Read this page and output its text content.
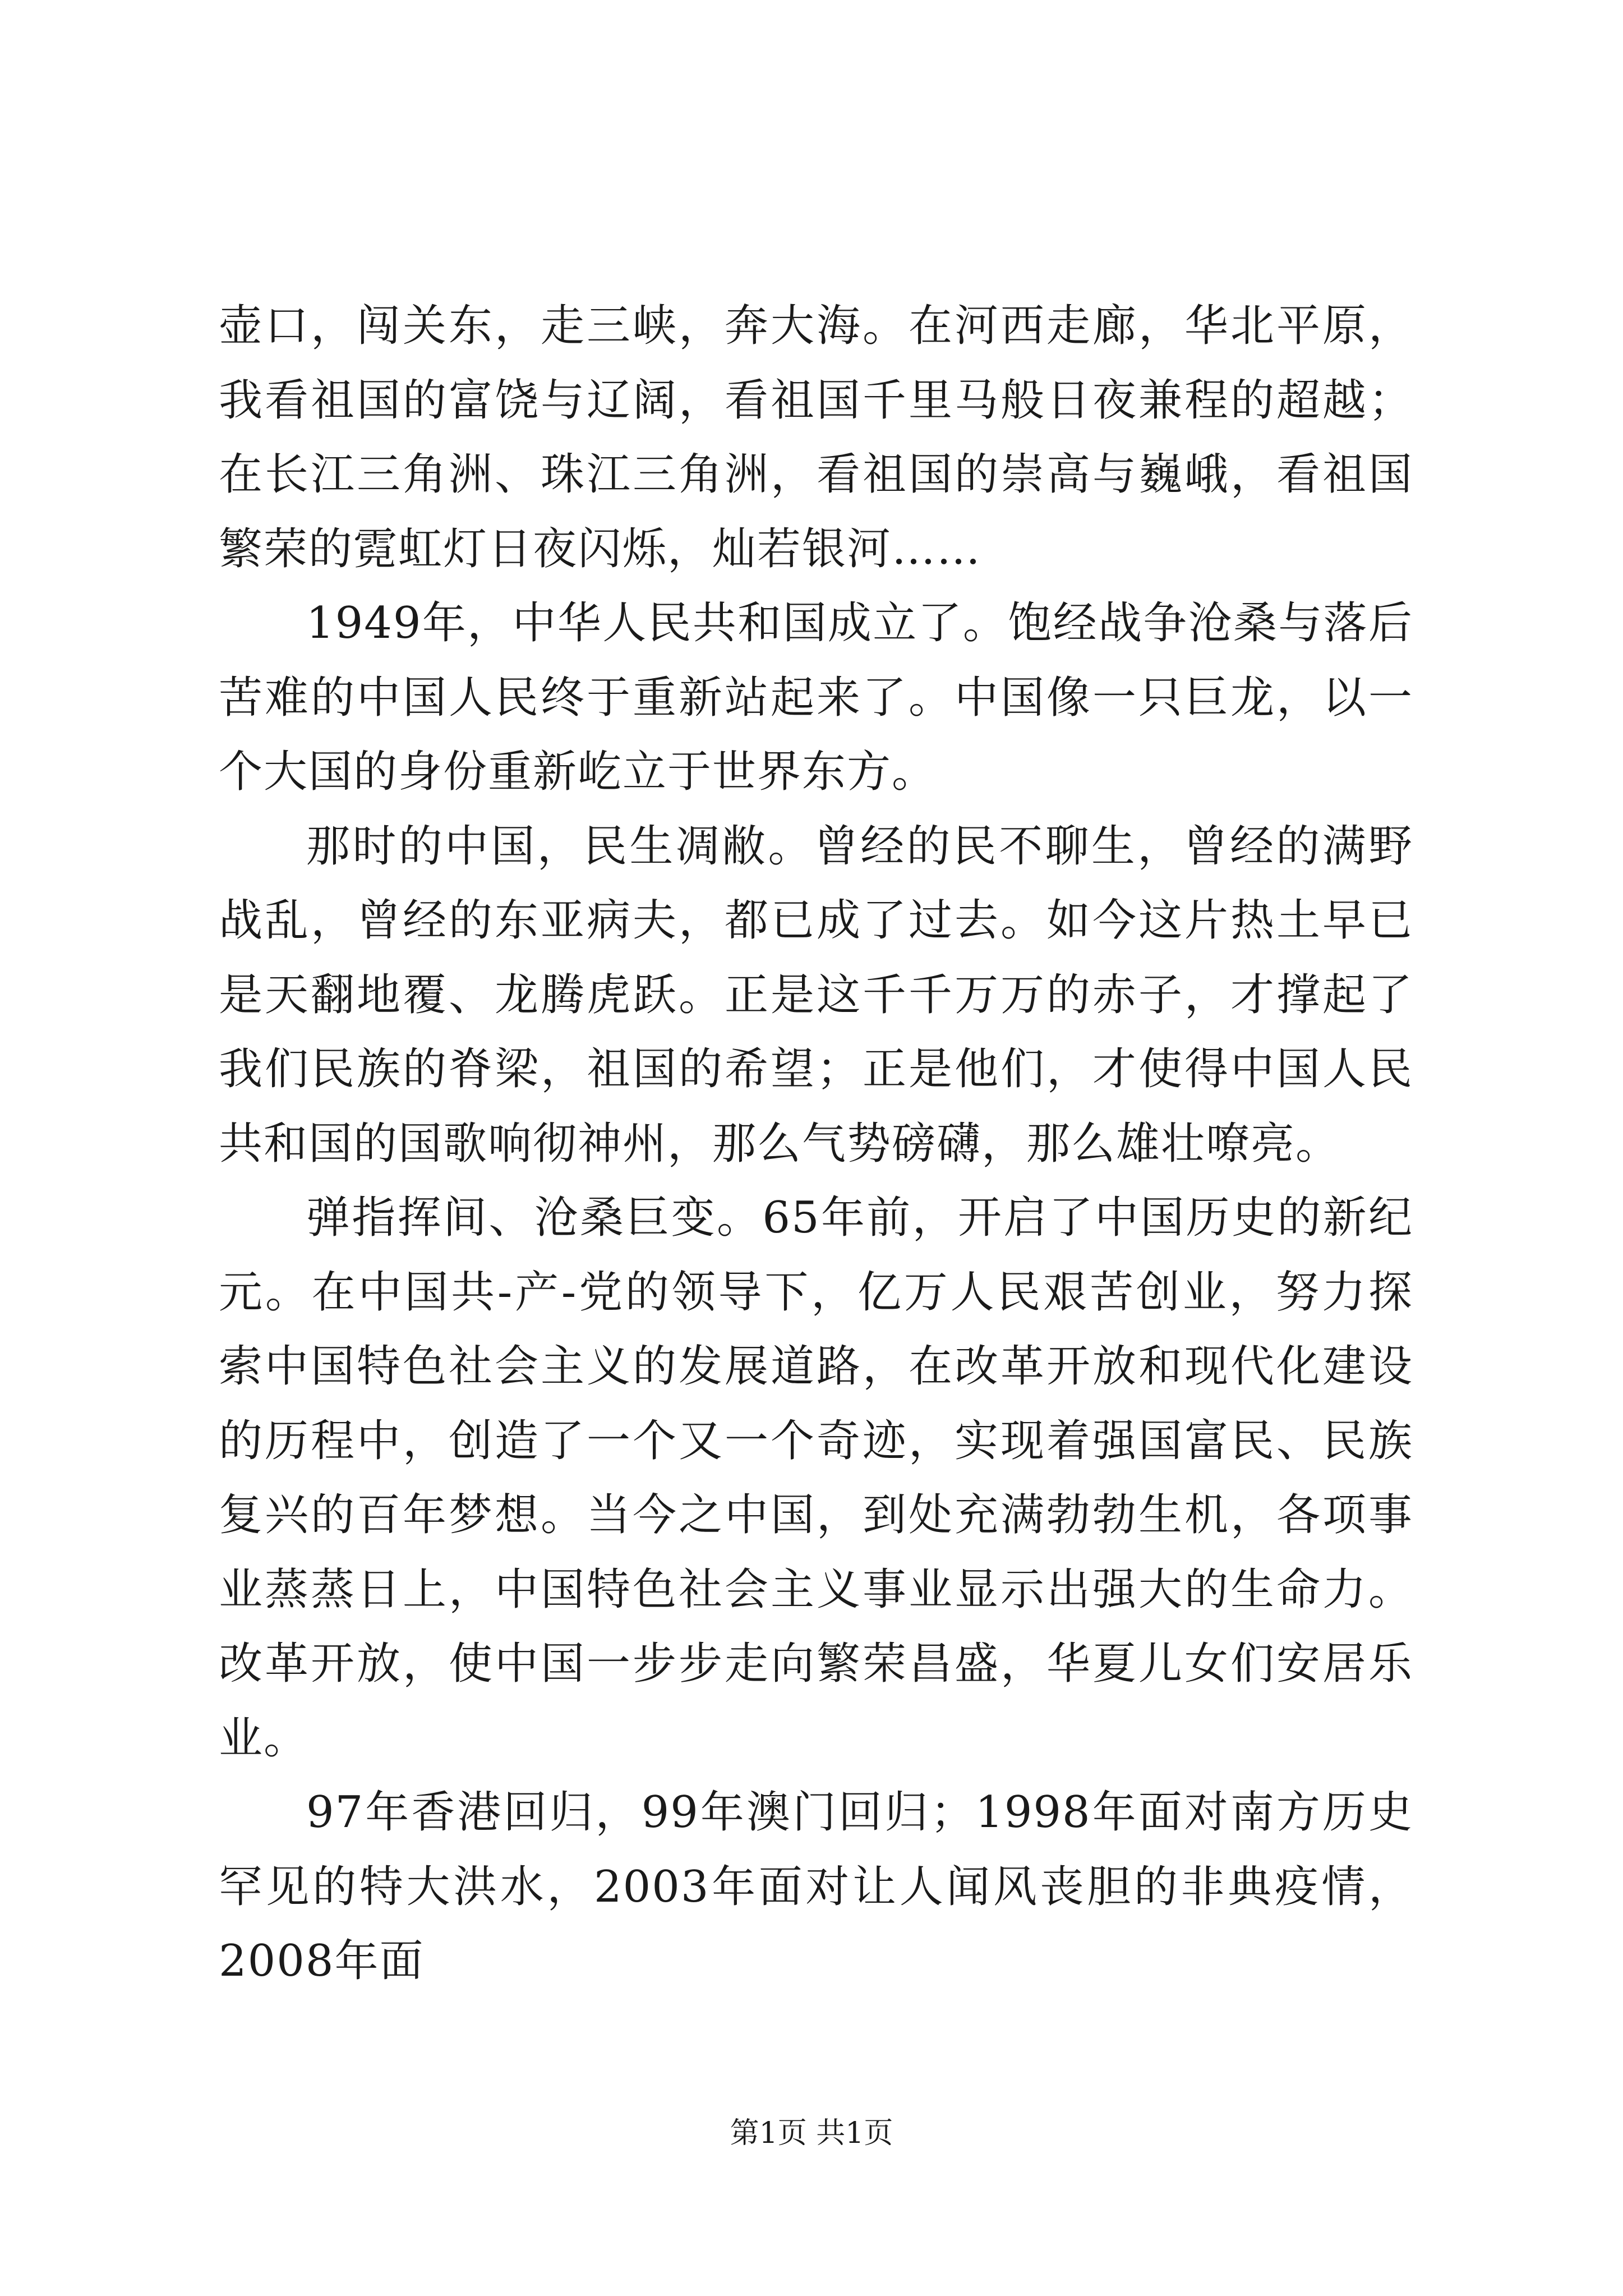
壶口，闯关东，走三峡，奔大海。在河西走廊，华北平原，我看祖国的富饶与辽阔，看祖国千里马般日夜兼程的超越；在长江三角洲、珠江三角洲，看祖国的崇高与巍峨，看祖国繁荣的霓虹灯日夜闪烁，灿若银河……

1949年，中华人民共和国成立了。饱经战争沧桑与落后苦难的中国人民终于重新站起来了。中国像一只巨龙，以一个大国的身份重新屹立于世界东方。

那时的中国，民生凋敝。曾经的民不聊生，曾经的满野战乱，曾经的东亚病夫，都已成了过去。如今这片热土早已是天翻地覆、龙腾虎跃。正是这千千万万的赤子，才撑起了我们民族的脊梁，祖国的希望；正是他们，才使得中国人民共和国的国歌响彻神州，那么气势磅礴，那么雄壮嘹亮。

弹指挥间、沧桑巨变。65年前，开启了中国历史的新纪元。在中国共-产-党的领导下，亿万人民艰苦创业，努力探索中国特色社会主义的发展道路，在改革开放和现代化建设的历程中，创造了一个又一个奇迹，实现着强国富民、民族复兴的百年梦想。当今之中国，到处充满勃勃生机，各项事业蒸蒸日上，中国特色社会主义事业显示出强大的生命力。改革开放，使中国一步步走向繁荣昌盛，华夏儿女们安居乐业。

97年香港回归，99年澳门回归；1998年面对南方历史罕见的特大洪水，2003年面对让人闻风丧胆的非典疫情，2008年面

第1页 共1页
